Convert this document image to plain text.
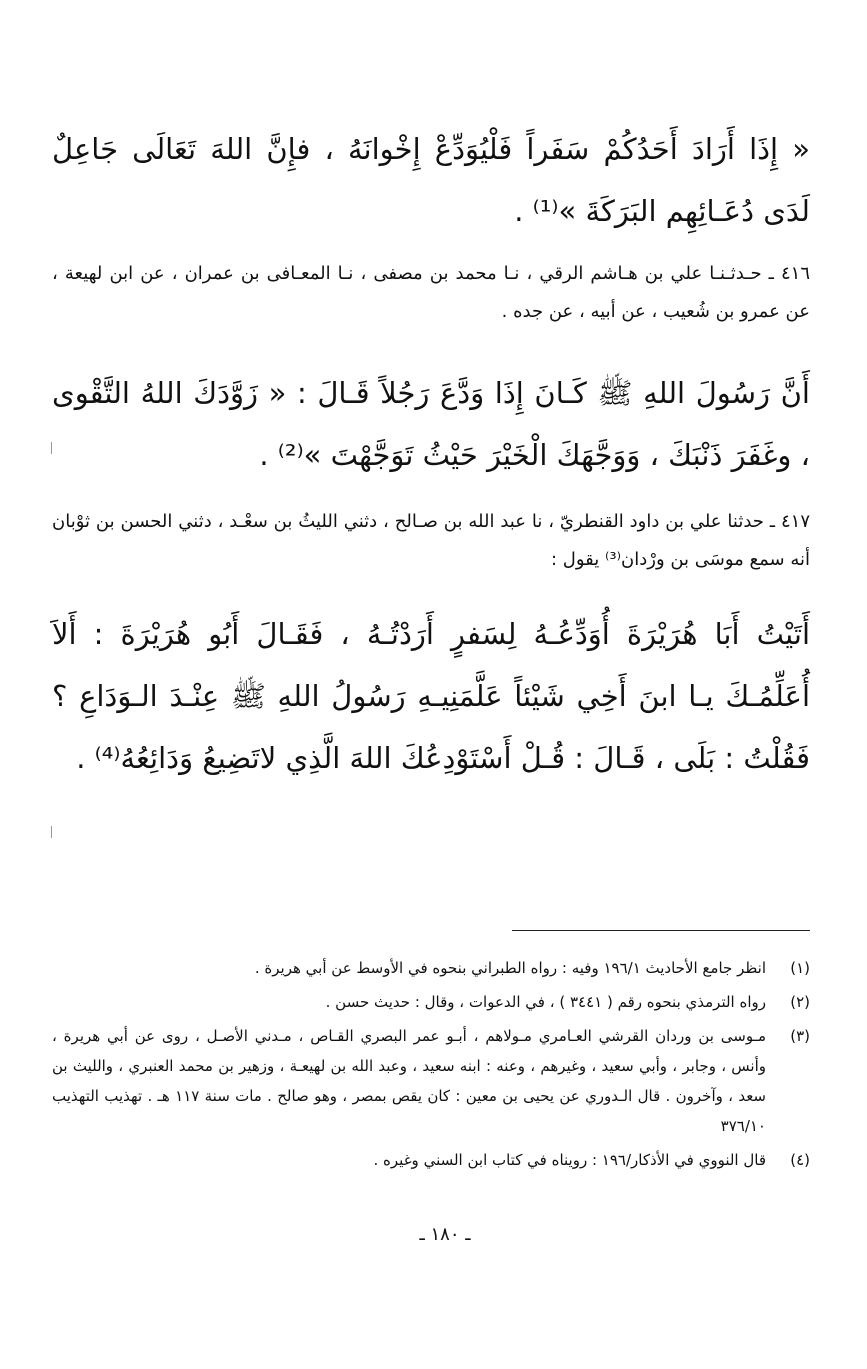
« إِذَا أَرَادَ أَحَدُكُمْ سَفَراً فَلْيُوَدِّعْ إِخْوانَهُ ، فإِنَّ اللهَ تَعَالَى جَاعِلٌ لَدَى دُعَـائِهِم البَرَكَةَ »⁽¹⁾ .
٤١٦ ـ حـدثـنـا علي بن هـاشم الرقي ، نـا محمد بن مصفى ، نـا المعـافى بن عمران ، عن ابن لهيعة ، عن عمرو بن شُعيب ، عن أبيه ، عن جده .
أَنَّ رَسُولَ اللهِ ﷺ كَـانَ إِذَا وَدَّعَ رَجُلاً قَـالَ : « زَوَّدَكَ اللهُ التَّقْوى ، وغَفَرَ ذَنْبَكَ ، وَوَجَّهَكَ الْخَيْرَ حَيْثُ تَوَجَّهْتَ »⁽²⁾ .
٤١٧ ـ حدثنا علي بن داود القنطريّ ، نا عبد الله بن صـالح ، دثني الليثُ بن سعْـد ، دثني الحسن بن ثوْبان أنه سمع موسَى بن ورْدان⁽³⁾ يقول :
أَتَيْتُ أَبَا هُرَيْرَةَ أُوَدِّعُـهُ لِسَفرٍ أَرَدْتُـهُ ، فَقَـالَ أَبُو هُرَيْرَةَ : أَلاَ أُعَلِّمُـكَ يـا ابنَ أَخِي شَيْئاً عَلَّمَنِيـهِ رَسُولُ اللهِ ﷺ عِنْـدَ الـوَدَاعِ ؟ فَقُلْتُ : بَلَى ، قَـالَ : قُـلْ أَسْتَوْدِعُكَ اللهَ الَّذِي لاتَضِيعُ وَدَائِعُهُ⁽⁴⁾ .
(١)
انظر جامع الأحاديث ١٩٦/١ وفيه : رواه الطبراني بنحوه في الأوسط عن أبي هريرة .
(٢)
رواه الترمذي بنحوه رقم ( ٣٤٤١ ) ، في الدعوات ، وقال : حديث حسن .
(٣)
مـوسى بن وردان القرشي العـامري مـولاهم ، أبـو عمر البصري القـاص ، مـدني الأصـل ، روى عن أبي هريرة ، وأنس ، وجابر ، وأبي سعيد ، وغيرهم ، وعنه : ابنه سعيد ، وعبد الله بن لهيعـة ، وزهير بن محمد العنبري ، والليث بن سعد ، وآخرون . قال الـدوري عن يحيى بن معين : كان يقص بمصر ، وهو صالح . مات سنة ١١٧ هـ . تهذيب التهذيب ٣٧٦/١٠
(٤)
قال النووي في الأذكار/١٩٦ : رويناه في كتاب ابن السني وغيره .
ـ ١٨٠ ـ
